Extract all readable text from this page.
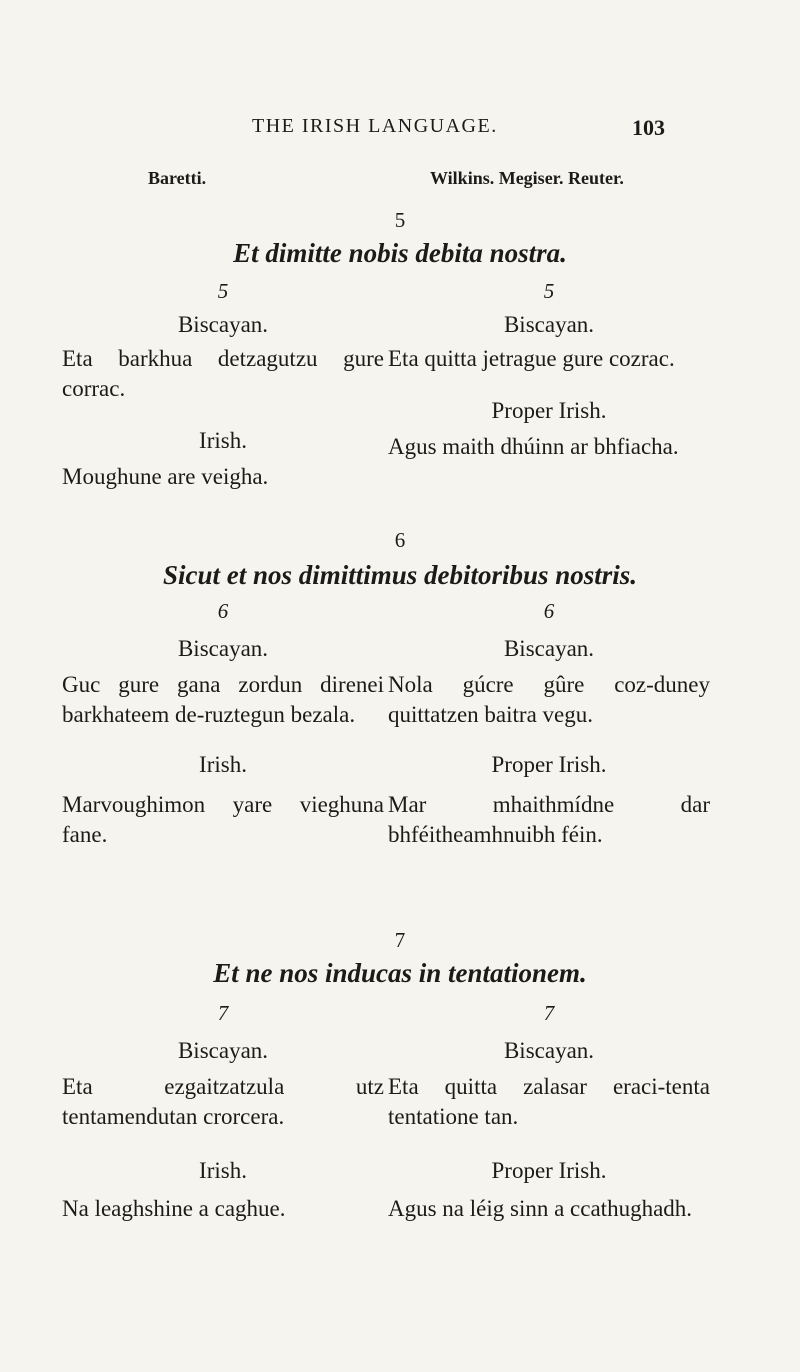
THE IRISH LANGUAGE.	103
Baretti.	Wilkins. Megiser. Reuter.
5
Et dimitte nobis debita nostra.
5
Biscayan.
Eta barkhua detzagutzu gure corrac.
Irish.
Moughune are veigha.
5
Biscayan.
Eta quitta jetrague gure cozrac.
Proper Irish.
Agus maith dhúinn ar bhfiacha.
6
Sicut et nos dimittimus debitoribus nostris.
6
Biscayan.
Guc gure gana zordun direnei barkhateem de-ruztegun bezala.
Irish.
Marvoughimon yare vieghuna fane.
6
Biscayan.
Nola gúcre gûre coz-duney quittatzen baitra vegu.
Proper Irish.
Mar mhaithmídne dar bhféitheamhnuibh féin.
7
Et ne nos inducas in tentationem.
7
Biscayan.
Eta ezgaitzatzula utz tentamendutan crorcera.
Irish.
Na leaghshine a caghue.
7
Biscayan.
Eta quitta zalasar eraci-tenta tentatione tan.
Proper Irish.
Agus na léig sinn a ccathughadh.
